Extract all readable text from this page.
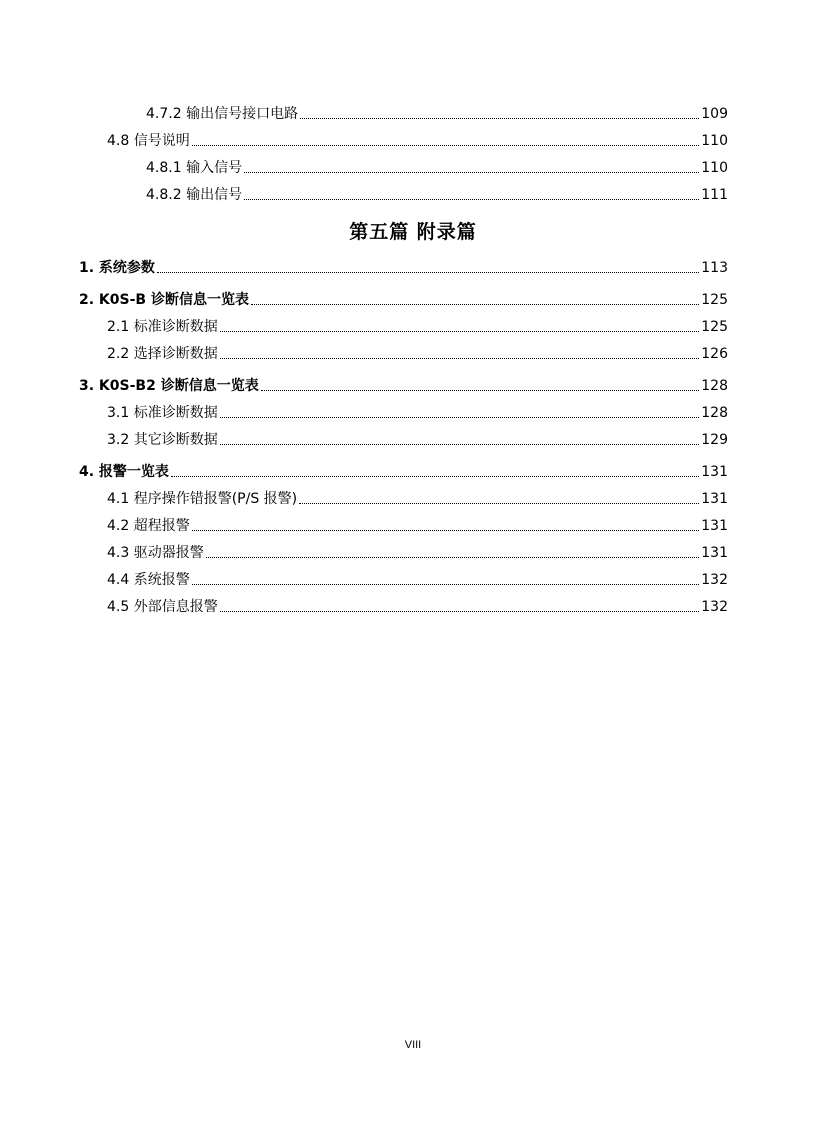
4.7.2 输出信号接口电路	109
4.8 信号说明	110
4.8.1 输入信号	110
4.8.2 输出信号	111
第五篇 附录篇
1. 系统参数	113
2. K0S-B 诊断信息一览表	125
2.1 标准诊断数据	125
2.2 选择诊断数据	126
3. K0S-B2 诊断信息一览表	128
3.1 标准诊断数据	128
3.2 其它诊断数据	129
4. 报警一览表	131
4.1 程序操作错报警(P/S 报警)	131
4.2 超程报警	131
4.3 驱动器报警	131
4.4 系统报警	132
4.5 外部信息报警	132
VIII
